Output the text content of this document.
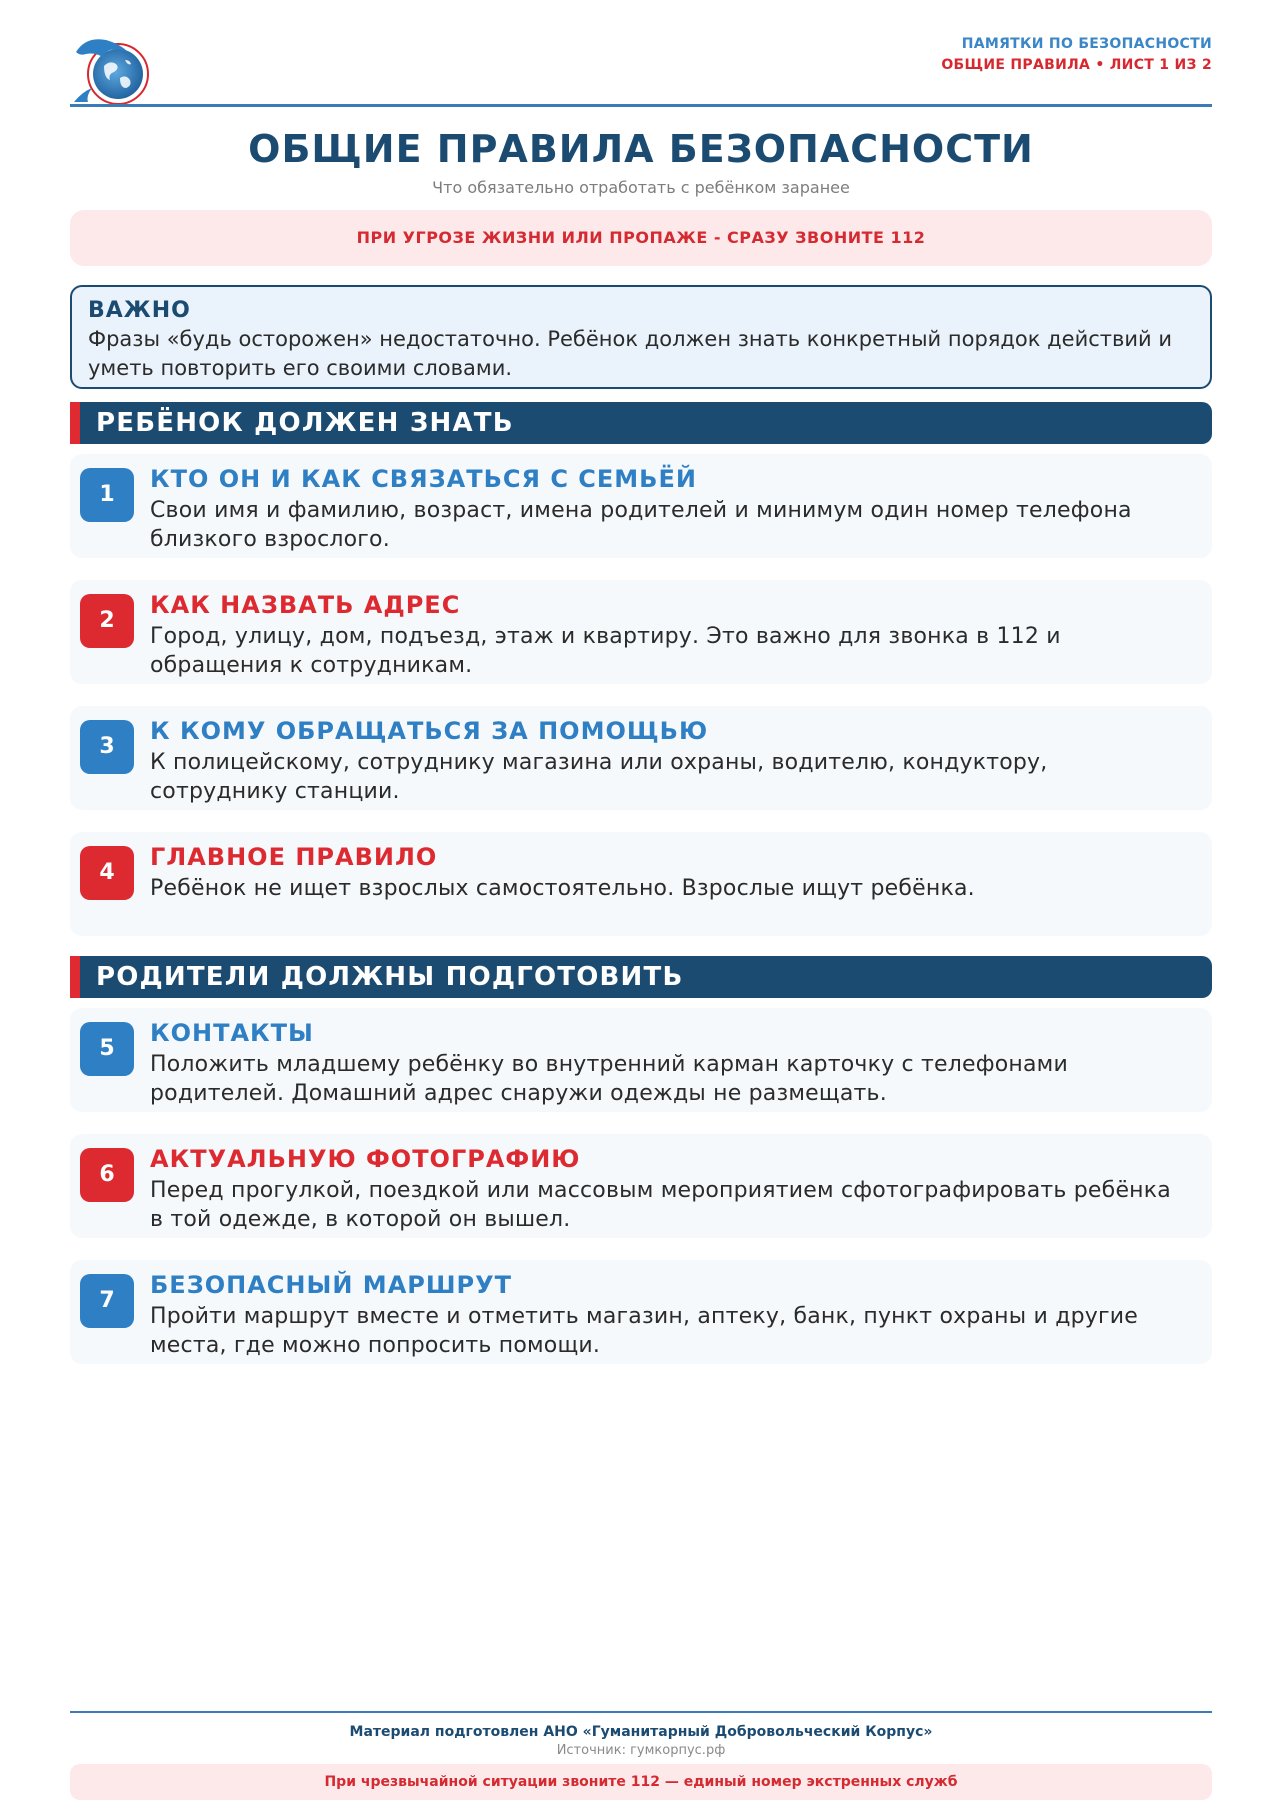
ПАМЯТКИ ПО БЕЗОПАСНОСТИ
ОБЩИЕ ПРАВИЛА • ЛИСТ 1 ИЗ 2
ОБЩИЕ ПРАВИЛА БЕЗОПАСНОСТИ
Что обязательно отработать с ребёнком заранее
ПРИ УГРОЗЕ ЖИЗНИ ИЛИ ПРОПАЖЕ - СРАЗУ ЗВОНИТЕ 112
ВАЖНО
Фразы «будь осторожен» недостаточно. Ребёнок должен знать конкретный порядок действий и уметь повторить его своими словами.
РЕБЁНОК ДОЛЖЕН ЗНАТЬ
1
КТО ОН И КАК СВЯЗАТЬСЯ С СЕМЬЁЙ
Свои имя и фамилию, возраст, имена родителей и минимум один номер телефона близкого взрослого.
2
КАК НАЗВАТЬ АДРЕС
Город, улицу, дом, подъезд, этаж и квартиру. Это важно для звонка в 112 и обращения к сотрудникам.
3
К КОМУ ОБРАЩАТЬСЯ ЗА ПОМОЩЬЮ
К полицейскому, сотруднику магазина или охраны, водителю, кондуктору, сотруднику станции.
4
ГЛАВНОЕ ПРАВИЛО
Ребёнок не ищет взрослых самостоятельно. Взрослые ищут ребёнка.
РОДИТЕЛИ ДОЛЖНЫ ПОДГОТОВИТЬ
5
КОНТАКТЫ
Положить младшему ребёнку во внутренний карман карточку с телефонами родителей. Домашний адрес снаружи одежды не размещать.
6
АКТУАЛЬНУЮ ФОТОГРАФИЮ
Перед прогулкой, поездкой или массовым мероприятием сфотографировать ребёнка в той одежде, в которой он вышел.
7
БЕЗОПАСНЫЙ МАРШРУТ
Пройти маршрут вместе и отметить магазин, аптеку, банк, пункт охраны и другие места, где можно попросить помощи.
Материал подготовлен АНО «Гуманитарный Добровольческий Корпус»
Источник: гумкорпус.рф
При чрезвычайной ситуации звоните 112 — единый номер экстренных служб
